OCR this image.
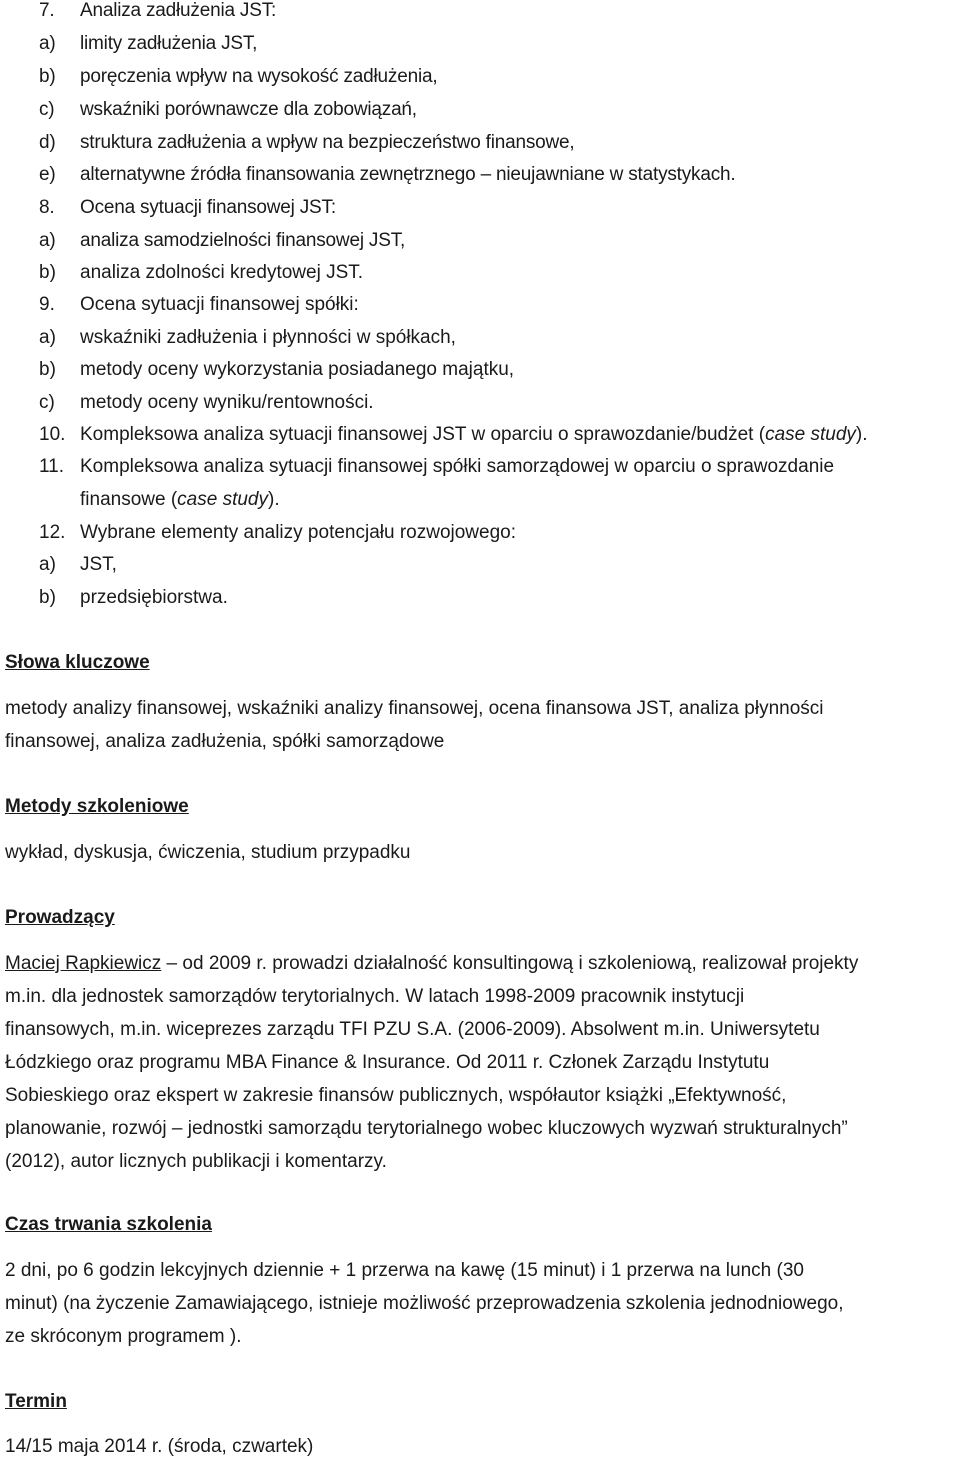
7. Analiza zadłużenia JST:
a) limity zadłużenia JST,
b) poręczenia wpływ na wysokość zadłużenia,
c) wskaźniki porównawcze dla zobowiązań,
d) struktura zadłużenia a wpływ na bezpieczeństwo finansowe,
e) alternatywne źródła finansowania zewnętrznego – nieujawniane w statystykach.
8. Ocena sytuacji finansowej JST:
a) analiza samodzielności finansowej JST,
b) analiza zdolności kredytowej JST.
9. Ocena sytuacji finansowej spółki:
a) wskaźniki zadłużenia i płynności w spółkach,
b) metody oceny wykorzystania posiadanego majątku,
c) metody oceny wyniku/rentowności.
10. Kompleksowa analiza sytuacji finansowej JST w oparciu o sprawozdanie/budżet (case study).
11. Kompleksowa analiza sytuacji finansowej spółki samorządowej w oparciu o sprawozdanie
finansowe (case study).
12. Wybrane elementy analizy potencjału rozwojowego:
a) JST,
b) przedsiębiorstwa.
Słowa kluczowe
metody analizy finansowej, wskaźniki analizy finansowej, ocena finansowa JST, analiza płynności
finansowej, analiza zadłużenia, spółki samorządowe
Metody szkoleniowe
wykład, dyskusja, ćwiczenia, studium przypadku
Prowadzący
Maciej Rapkiewicz – od 2009 r. prowadzi działalność konsultingową i szkoleniową, realizował projekty
m.in. dla jednostek samorządów terytorialnych. W latach 1998-2009 pracownik instytucji
finansowych, m.in. wiceprezes zarządu TFI PZU S.A. (2006-2009). Absolwent m.in. Uniwersytetu
Łódzkiego oraz programu MBA Finance & Insurance. Od 2011 r. Członek Zarządu Instytutu
Sobieskiego oraz ekspert w zakresie finansów publicznych, współautor książki „Efektywność,
planowanie, rozwój – jednostki samorządu terytorialnego wobec kluczowych wyzwań strukturalnych”
(2012), autor licznych publikacji i komentarzy.
Czas trwania szkolenia
2 dni, po 6 godzin lekcyjnych dziennie + 1 przerwa na kawę (15 minut) i 1 przerwa na lunch (30
minut) (na życzenie Zamawiającego, istnieje możliwość przeprowadzenia szkolenia jednodniowego,
ze skróconym programem ).
Termin
14/15 maja 2014 r. (środa, czwartek)
